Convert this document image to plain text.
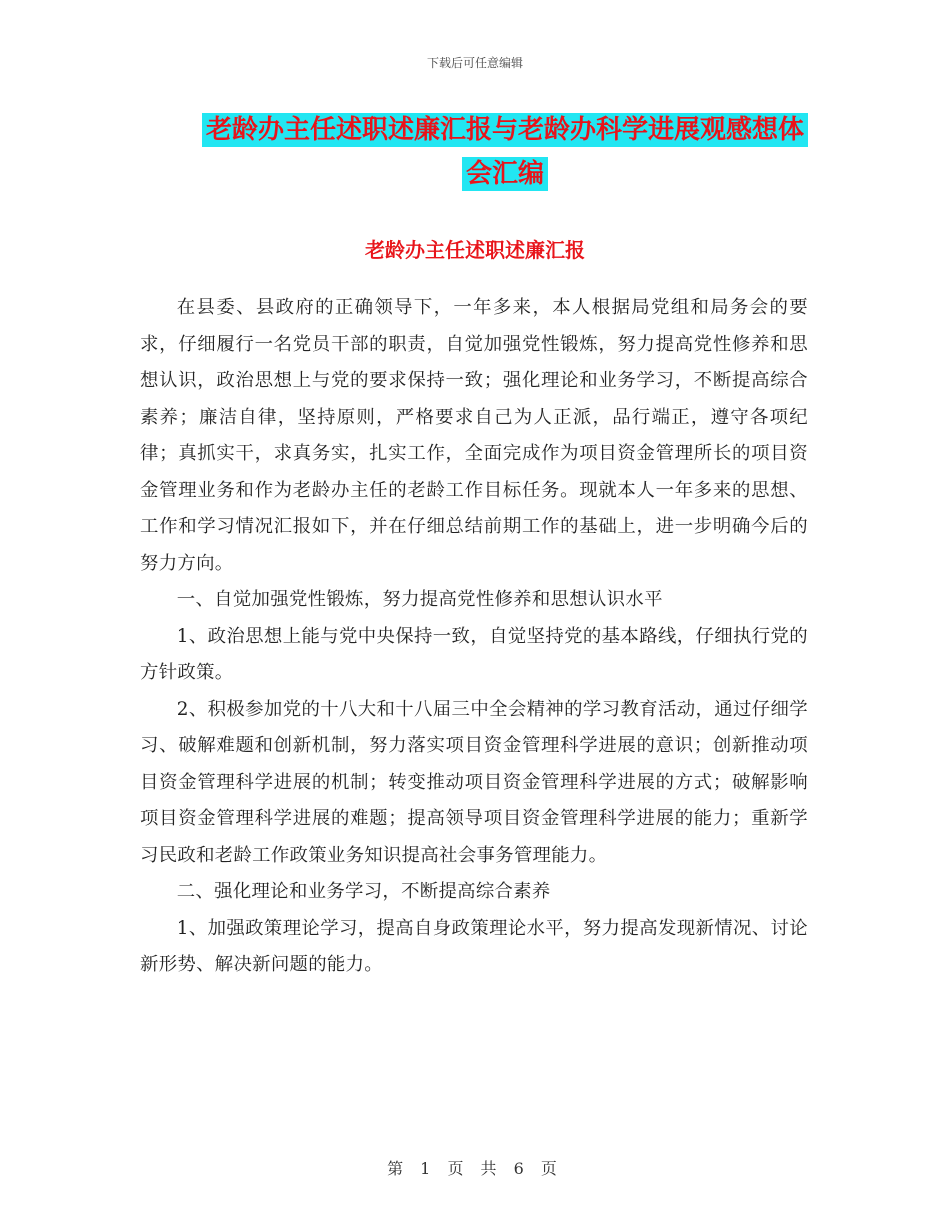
下载后可任意编辑
老龄办主任述职述廉汇报与老龄办科学进展观感想体
会汇编
老龄办主任述职述廉汇报

在县委、县政府的正确领导下，一年多来，本人根据局党组和局务会的要求，仔细履行一名党员干部的职责，自觉加强党性锻炼，努力提高党性修养和思想认识，政治思想上与党的要求保持一致；强化理论和业务学习，不断提高综合素养；廉洁自律，坚持原则，严格要求自己为人正派，品行端正，遵守各项纪律；真抓实干，求真务实，扎实工作，全面完成作为项目资金管理所长的项目资金管理业务和作为老龄办主任的老龄工作目标任务。现就本人一年多来的思想、工作和学习情况汇报如下，并在仔细总结前期工作的基础上，进一步明确今后的努力方向。

一、自觉加强党性锻炼，努力提高党性修养和思想认识水平

1、政治思想上能与党中央保持一致，自觉坚持党的基本路线，仔细执行党的方针政策。

2、积极参加党的十八大和十八届三中全会精神的学习教育活动，通过仔细学习、破解难题和创新机制，努力落实项目资金管理科学进展的意识；创新推动项目资金管理科学进展的机制；转变推动项目资金管理科学进展的方式；破解影响项目资金管理科学进展的难题；提高领导项目资金管理科学进展的能力；重新学习民政和老龄工作政策业务知识提高社会事务管理能力。

二、强化理论和业务学习，不断提高综合素养

1、加强政策理论学习，提高自身政策理论水平，努力提高发现新情况、讨论新形势、解决新问题的能力。

第 1 页 共 6 页
